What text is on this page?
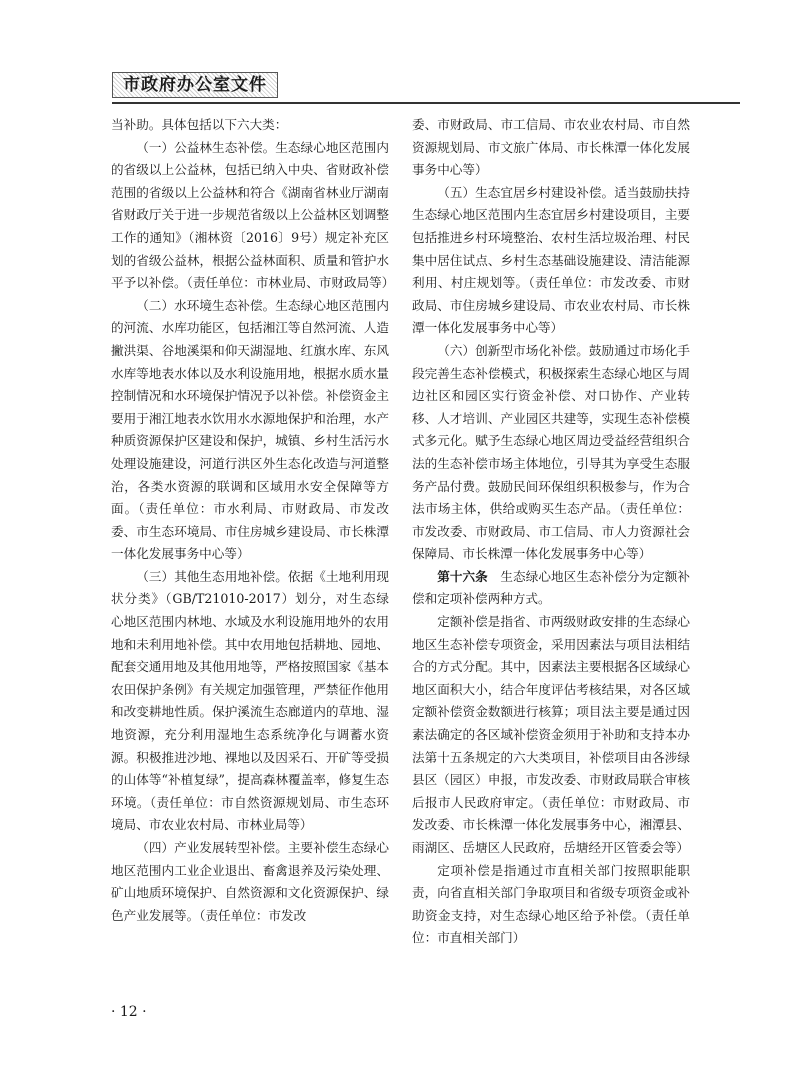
市政府办公室文件

当补助。具体包括以下六大类：

（一）公益林生态补偿。生态绿心地区范围内的省级以上公益林，包括已纳入中央、省财政补偿范围的省级以上公益林和符合《湖南省林业厅湖南省财政厅关于进一步规范省级以上公益林区划调整工作的通知》（湘林资〔2016〕9号）规定补充区划的省级公益林，根据公益林面积、质量和管护水平予以补偿。（责任单位：市林业局、市财政局等）

（二）水环境生态补偿。生态绿心地区范围内的河流、水库功能区，包括湘江等自然河流、人造撇洪渠、谷地溪渠和仰天湖湿地、红旗水库、东风水库等地表水体以及水利设施用地，根据水质水量控制情况和水环境保护情况予以补偿。补偿资金主要用于湘江地表水饮用水水源地保护和治理，水产种质资源保护区建设和保护，城镇、乡村生活污水处理设施建设，河道行洪区外生态化改造与河道整治，各类水资源的联调和区域用水安全保障等方面。（责任单位：市水利局、市财政局、市发改委、市生态环境局、市住房城乡建设局、市长株潭一体化发展事务中心等）

（三）其他生态用地补偿。依据《土地利用现状分类》（GB/T21010-2017）划分，对生态绿心地区范围内林地、水域及水利设施用地外的农用地和未利用地补偿。其中农用地包括耕地、园地、配套交通用地及其他用地等，严格按照国家《基本农田保护条例》有关规定加强管理，严禁征作他用和改变耕地性质。保护溪流生态廊道内的草地、湿地资源，充分利用湿地生态系统净化与调蓄水资源。积极推进沙地、裸地以及因采石、开矿等受损的山体等“补植复绿”，提高森林覆盖率，修复生态环境。（责任单位：市自然资源规划局、市生态环境局、市农业农村局、市林业局等）

（四）产业发展转型补偿。主要补偿生态绿心地区范围内工业企业退出、畜禽退养及污染处理、矿山地质环境保护、自然资源和文化资源保护、绿色产业发展等。（责任单位：市发改

委、市财政局、市工信局、市农业农村局、市自然资源规划局、市文旅广体局、市长株潭一体化发展事务中心等）

（五）生态宜居乡村建设补偿。适当鼓励扶持生态绿心地区范围内生态宜居乡村建设项目，主要包括推进乡村环境整治、农村生活垃圾治理、村民集中居住试点、乡村生态基础设施建设、清洁能源利用、村庄规划等。（责任单位：市发改委、市财政局、市住房城乡建设局、市农业农村局、市长株潭一体化发展事务中心等）

（六）创新型市场化补偿。鼓励通过市场化手段完善生态补偿模式，积极探索生态绿心地区与周边社区和园区实行资金补偿、对口协作、产业转移、人才培训、产业园区共建等，实现生态补偿模式多元化。赋予生态绿心地区周边受益经营组织合法的生态补偿市场主体地位，引导其为享受生态服务产品付费。鼓励民间环保组织积极参与，作为合法市场主体，供给或购买生态产品。（责任单位：市发改委、市财政局、市工信局、市人力资源社会保障局、市长株潭一体化发展事务中心等）

第十六条　生态绿心地区生态补偿分为定额补偿和定项补偿两种方式。

定额补偿是指省、市两级财政安排的生态绿心地区生态补偿专项资金，采用因素法与项目法相结合的方式分配。其中，因素法主要根据各区域绿心地区面积大小，结合年度评估考核结果，对各区域定额补偿资金数额进行核算；项目法主要是通过因素法确定的各区域补偿资金须用于补助和支持本办法第十五条规定的六大类项目，补偿项目由各涉绿县区（园区）申报，市发改委、市财政局联合审核后报市人民政府审定。（责任单位：市财政局、市发改委、市长株潭一体化发展事务中心，湘潭县、雨湖区、岳塘区人民政府，岳塘经开区管委会等）

定项补偿是指通过市直相关部门按照职能职责，向省直相关部门争取项目和省级专项资金或补助资金支持，对生态绿心地区给予补偿。（责任单位：市直相关部门）

· 12 ·
